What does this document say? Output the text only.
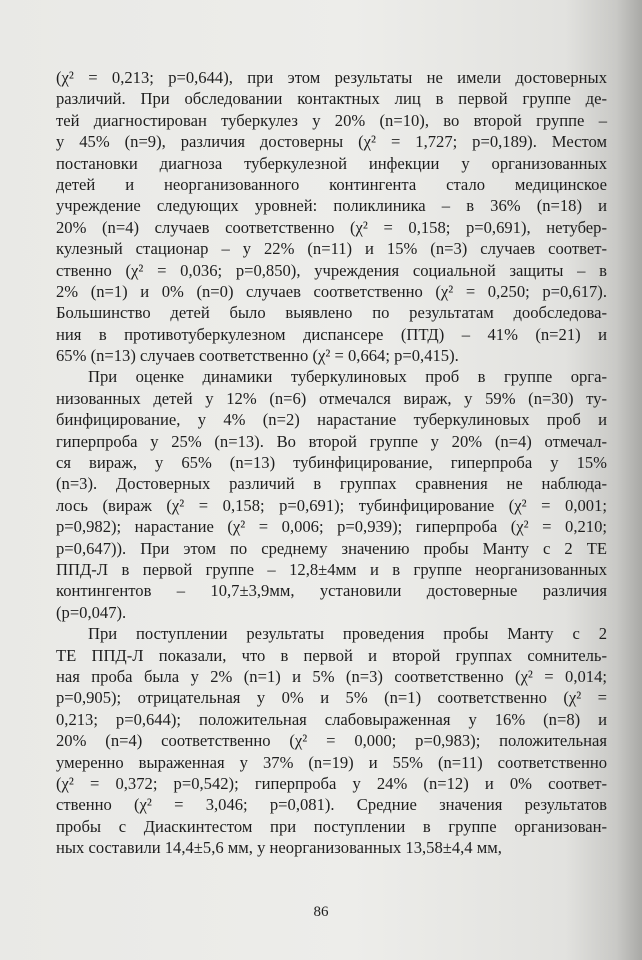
(χ² = 0,213; p=0,644), при этом результаты не имели достоверных
различий. При обследовании контактных лиц в первой группе де-
тей диагностирован туберкулез у 20% (n=10), во второй группе –
у 45% (n=9), различия достоверны (χ² = 1,727; p=0,189). Местом
постановки диагноза туберкулезной инфекции у организованных
детей и неорганизованного контингента стало медицинское
учреждение следующих уровней: поликлиника – в 36% (n=18) и
20% (n=4) случаев соответственно (χ² = 0,158; p=0,691), нетубер-
кулезный стационар – у 22% (n=11) и 15% (n=3) случаев соответ-
ственно (χ² = 0,036; p=0,850), учреждения социальной защиты – в
2% (n=1) и 0% (n=0) случаев соответственно (χ² = 0,250; p=0,617).
Большинство детей было выявлено по результатам дообследова-
ния в противотуберкулезном диспансере (ПТД) – 41% (n=21) и
65% (n=13) случаев соответственно (χ² = 0,664; p=0,415).
При оценке динамики туберкулиновых проб в группе орга-
низованных детей у 12% (n=6) отмечался вираж, у 59% (n=30) ту-
бинфицирование, у 4% (n=2) нарастание туберкулиновых проб и
гиперпроба у 25% (n=13). Во второй группе у 20% (n=4) отмечал-
ся вираж, у 65% (n=13) тубинфицирование, гиперпроба у 15%
(n=3). Достоверных различий в группах сравнения не наблюда-
лось (вираж (χ² = 0,158; p=0,691); тубинфицирование (χ² = 0,001;
p=0,982); нарастание (χ² = 0,006; p=0,939); гиперпроба (χ² = 0,210;
p=0,647)). При этом по среднему значению пробы Манту с 2 ТЕ
ППД-Л в первой группе – 12,8±4мм и в группе неорганизованных
контингентов – 10,7±3,9мм, установили достоверные различия
(p=0,047).
При поступлении результаты проведения пробы Манту с 2
ТЕ ППД-Л показали, что в первой и второй группах сомнитель-
ная проба была у 2% (n=1) и 5% (n=3) соответственно (χ² = 0,014;
p=0,905); отрицательная у 0% и 5% (n=1) соответственно (χ² =
0,213; p=0,644); положительная слабовыраженная у 16% (n=8) и
20% (n=4) соответственно (χ² = 0,000; p=0,983); положительная
умеренно выраженная у 37% (n=19) и 55% (n=11) соответственно
(χ² = 0,372; p=0,542); гиперпроба у 24% (n=12) и 0% соответ-
ственно (χ² = 3,046; p=0,081). Средние значения результатов
пробы с Диаскинтестом при поступлении в группе организован-
ных составили 14,4±5,6 мм, у неорганизованных 13,58±4,4 мм,
86
